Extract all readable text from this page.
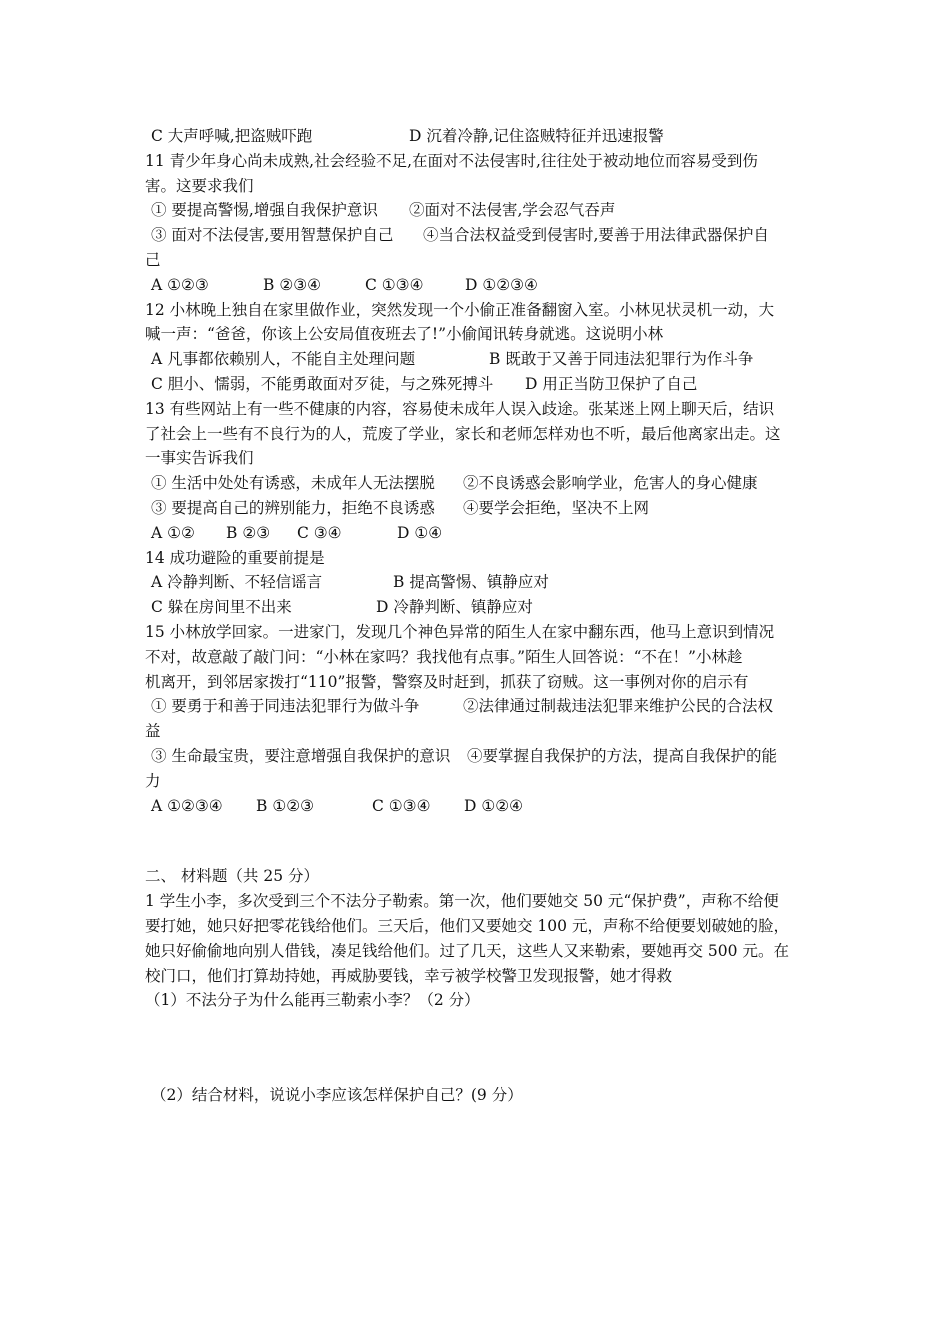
C 大声呼喊,把盗贼吓跑	D 沉着冷静,记住盗贼特征并迅速报警
11 青少年身心尚未成熟,社会经验不足,在面对不法侵害时,往往处于被动地位而容易受到伤
害。这要求我们
① 要提高警惕,增强自我保护意识 ②面对不法侵害,学会忍气吞声
③ 面对不法侵害,要用智慧保护自己 ④当合法权益受到侵害时,要善于用法律武器保护自
己
A ①②③	B ②③④	C ①③④	D ①②③④
12 小林晚上独自在家里做作业，突然发现一个小偷正准备翻窗入室。小林见状灵机一动，大
喊一声：“爸爸，你该上公安局值夜班去了!”小偷闻讯转身就逃。这说明小林
A 凡事都依赖别人，不能自主处理问题	B 既敢于又善于同违法犯罪行为作斗争
C 胆小、懦弱，不能勇敢面对歹徒，与之殊死搏斗 D 用正当防卫保护了自己
13 有些网站上有一些不健康的内容，容易使未成年人误入歧途。张某迷上网上聊天后，结识
了社会上一些有不良行为的人，荒废了学业，家长和老师怎样劝也不听，最后他离家出走。这
一事实告诉我们
① 生活中处处有诱惑，未成年人无法摆脱 ②不良诱惑会影响学业，危害人的身心健康
③ 要提高自己的辨别能力，拒绝不良诱惑 ④要学会拒绝，坚决不上网
A ①② B ②③ C ③④	D ①④
14 成功避险的重要前提是
A 冷静判断、不轻信谣言	B 提高警惕、镇静应对
C 躲在房间里不出来	D 冷静判断、镇静应对
15 小林放学回家。一进家门，发现几个神色异常的陌生人在家中翻东西，他马上意识到情况
不对，故意敲了敲门问：“小林在家吗？我找他有点事。”陌生人回答说：“不在！”小林趁
机离开，到邻居家拨打“110”报警，警察及时赶到，抓获了窃贼。这一事例对你的启示有
① 要勇于和善于同违法犯罪行为做斗争	②法律通过制裁违法犯罪来维护公民的合法权
益
③ 生命最宝贵，要注意增强自我保护的意识 ④要掌握自我保护的方法，提高自我保护的能
力
A ①②③④ B ①②③	C ①③④ D ①②④
二、 材料题（共 25 分）
1 学生小李，多次受到三个不法分子勒索。第一次，他们要她交 50 元“保护费”，声称不给便
要打她，她只好把零花钱给他们。三天后，他们又要她交 100 元，声称不给便要划破她的脸，
她只好偷偷地向别人借钱，凑足钱给他们。过了几天，这些人又来勒索，要她再交 500 元。在
校门口，他们打算劫持她，再威胁要钱，幸亏被学校警卫发现报警，她才得救
（1）不法分子为什么能再三勒索小李？（2 分）
（2）结合材料，说说小李应该怎样保护自己？(9 分）
